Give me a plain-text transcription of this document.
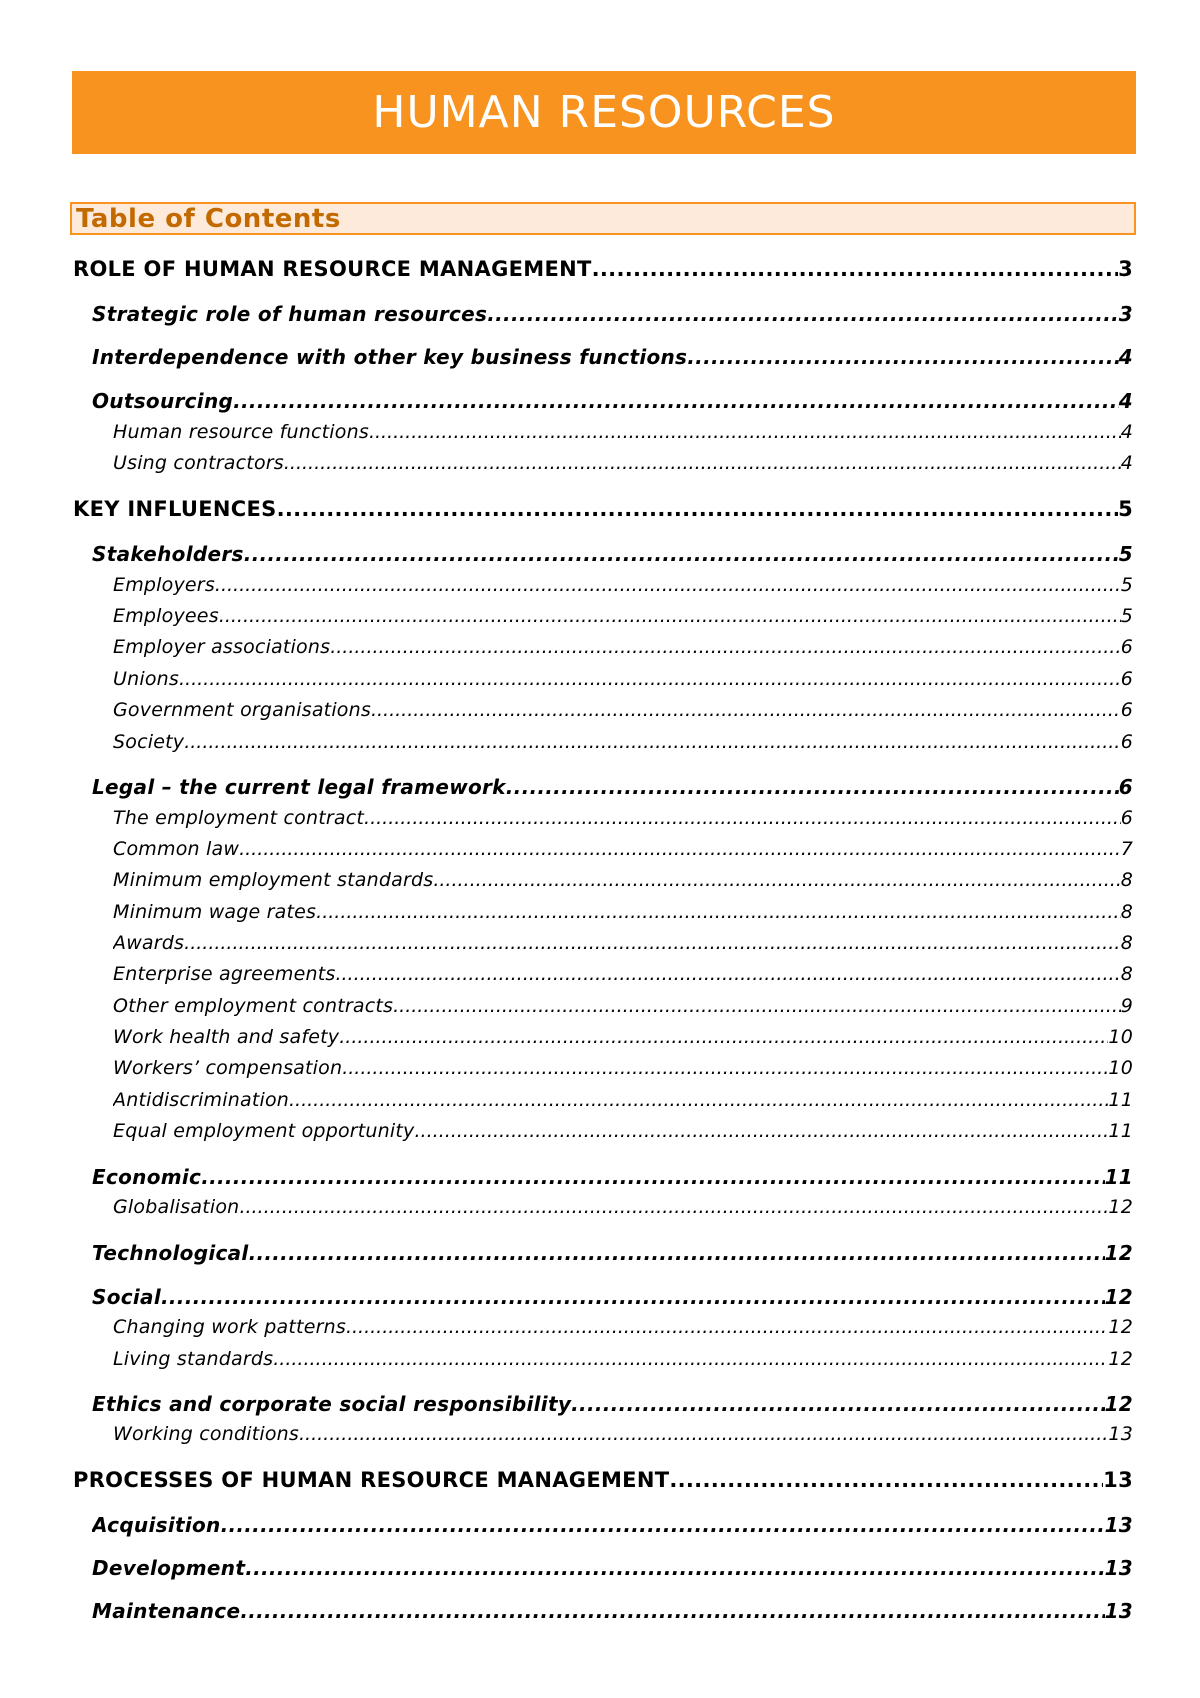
HUMAN RESOURCES
Table of Contents
ROLE OF HUMAN RESOURCE MANAGEMENT .....	3
Strategic role of human resources .....	3
Interdependence with other key business functions .....	4
Outsourcing .....	4
Human resource functions .....	4
Using contractors .....	4
KEY INFLUENCES .....	5
Stakeholders .....	5
Employers .....	5
Employees .....	5
Employer associations .....	6
Unions .....	6
Government organisations .....	6
Society .....	6
Legal – the current legal framework .....	6
The employment contract .....	6
Common law .....	7
Minimum employment standards .....	8
Minimum wage rates .....	8
Awards .....	8
Enterprise agreements .....	8
Other employment contracts .....	9
Work health and safety .....	10
Workers’ compensation .....	10
Antidiscrimination .....	11
Equal employment opportunity .....	11
Economic .....	11
Globalisation .....	12
Technological .....	12
Social .....	12
Changing work patterns .....	12
Living standards .....	12
Ethics and corporate social responsibility .....	12
Working conditions .....	13
PROCESSES OF HUMAN RESOURCE MANAGEMENT .....	13
Acquisition .....	13
Development .....	13
Maintenance .....	13
